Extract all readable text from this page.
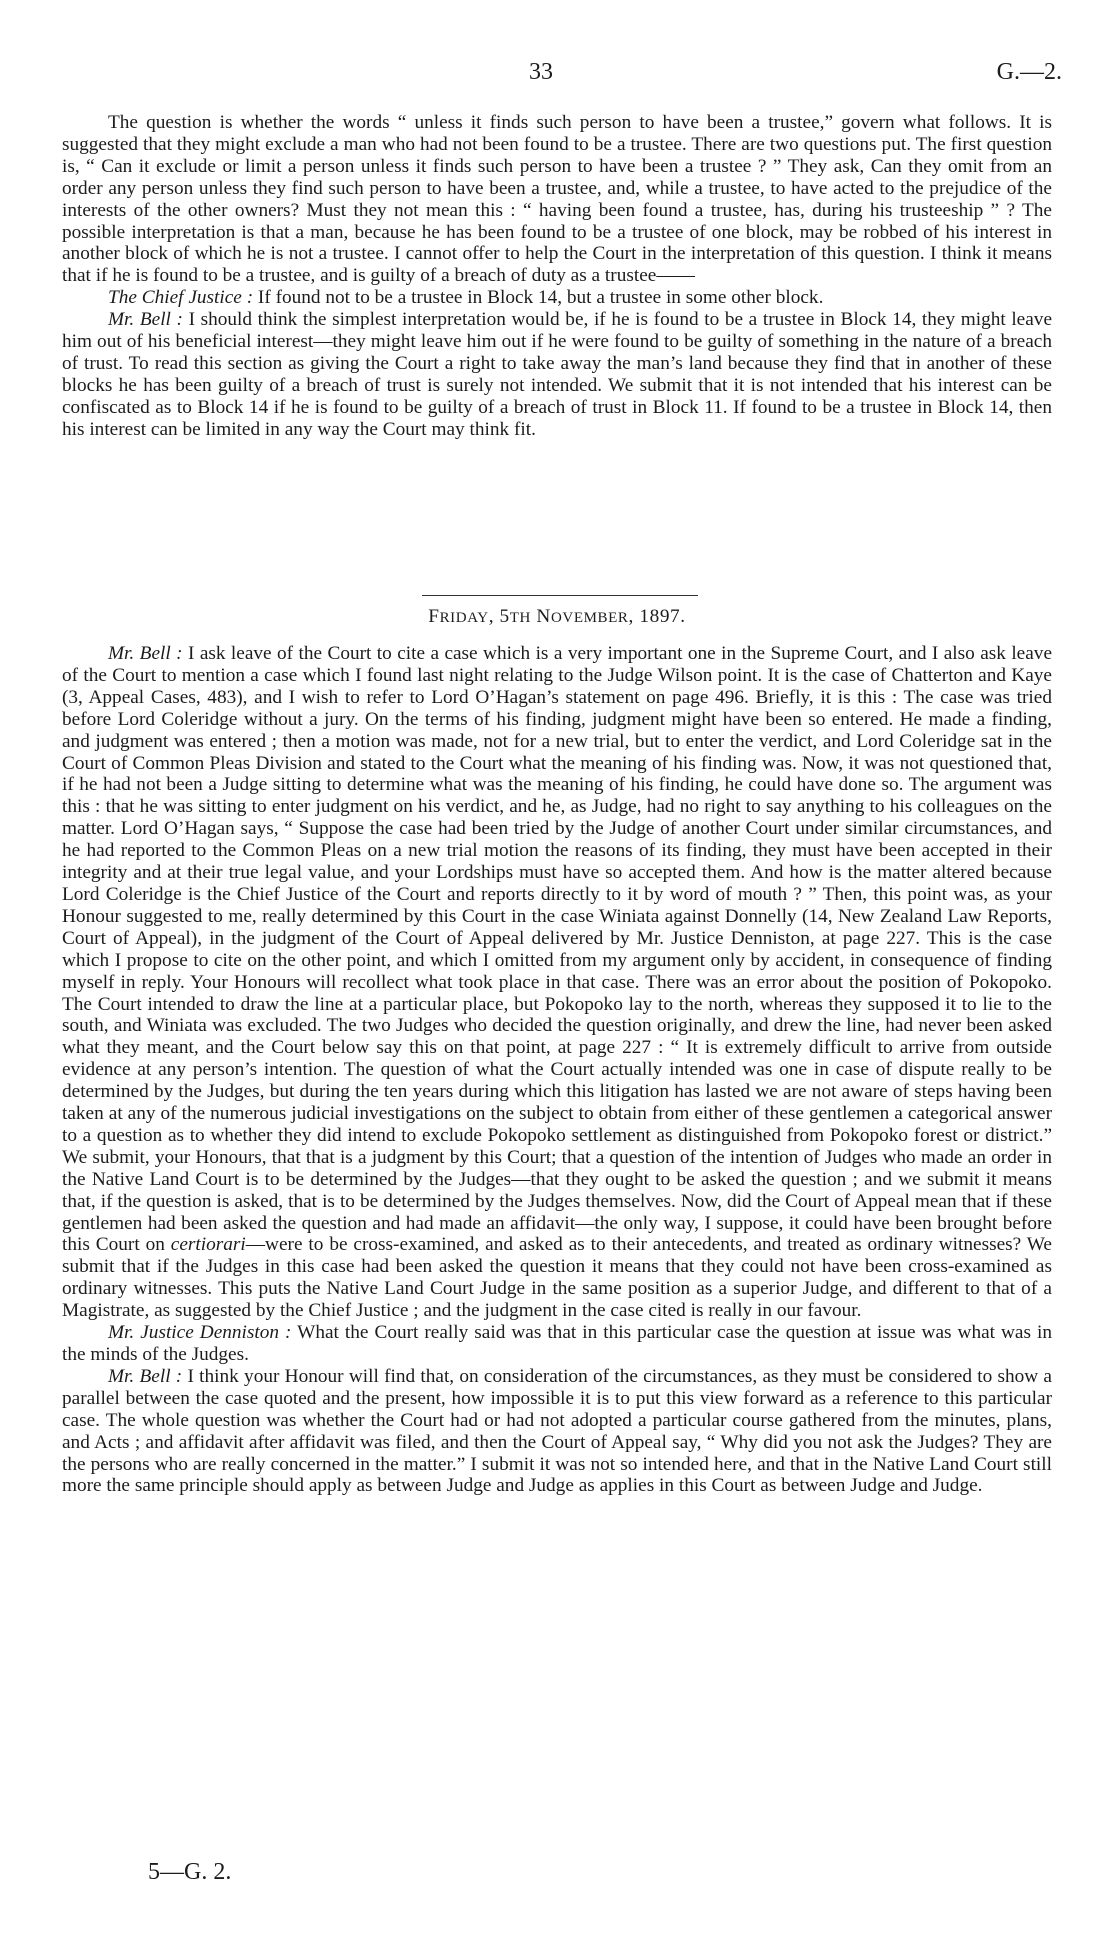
33	G.—2.

The question is whether the words “ unless it finds such person to have been a trustee,” govern what follows. It is suggested that they might exclude a man who had not been found to be a trustee. There are two questions put. The first question is, “ Can it exclude or limit a person unless it finds such person to have been a trustee ? ” They ask, Can they omit from an order any person unless they find such person to have been a trustee, and, while a trustee, to have acted to the prejudice of the interests of the other owners? Must they not mean this : “ having been found a trustee, has, during his trusteeship ” ? The possible interpretation is that a man, because he has been found to be a trustee of one block, may be robbed of his interest in another block of which he is not a trustee. I cannot offer to help the Court in the interpretation of this question. I think it means that if he is found to be a trustee, and is guilty of a breach of duty as a trustee——

The Chief Justice : If found not to be a trustee in Block 14, but a trustee in some other block.

Mr. Bell : I should think the simplest interpretation would be, if he is found to be a trustee in Block 14, they might leave him out of his beneficial interest—they might leave him out if he were found to be guilty of something in the nature of a breach of trust. To read this section as giving the Court a right to take away the man’s land because they find that in another of these blocks he has been guilty of a breach of trust is surely not intended. We submit that it is not intended that his interest can be confiscated as to Block 14 if he is found to be guilty of a breach of trust in Block 11. If found to be a trustee in Block 14, then his interest can be limited in any way the Court may think fit.

FRIDAY, 5TH NOVEMBER, 1897.

Mr. Bell : I ask leave of the Court to cite a case which is a very important one in the Supreme Court, and I also ask leave of the Court to mention a case which I found last night relating to the Judge Wilson point. It is the case of Chatterton and Kaye (3, Appeal Cases, 483), and I wish to refer to Lord O’Hagan’s statement on page 496. Briefly, it is this : The case was tried before Lord Coleridge without a jury. On the terms of his finding, judgment might have been so entered. He made a finding, and judgment was entered ; then a motion was made, not for a new trial, but to enter the verdict, and Lord Coleridge sat in the Court of Common Pleas Division and stated to the Court what the meaning of his finding was. Now, it was not questioned that, if he had not been a Judge sitting to determine what was the meaning of his finding, he could have done so. The argument was this : that he was sitting to enter judgment on his verdict, and he, as Judge, had no right to say anything to his colleagues on the matter. Lord O’Hagan says, “ Suppose the case had been tried by the Judge of another Court under similar circumstances, and he had reported to the Common Pleas on a new trial motion the reasons of its finding, they must have been accepted in their integrity and at their true legal value, and your Lordships must have so accepted them. And how is the matter altered because Lord Coleridge is the Chief Justice of the Court and reports directly to it by word of mouth ? ” Then, this point was, as your Honour suggested to me, really determined by this Court in the case Winiata against Donnelly (14, New Zealand Law Reports, Court of Appeal), in the judgment of the Court of Appeal delivered by Mr. Justice Denniston, at page 227. This is the case which I propose to cite on the other point, and which I omitted from my argument only by accident, in consequence of finding myself in reply. Your Honours will recollect what took place in that case. There was an error about the position of Pokopoko. The Court intended to draw the line at a particular place, but Pokopoko lay to the north, whereas they supposed it to lie to the south, and Winiata was excluded. The two Judges who decided the question originally, and drew the line, had never been asked what they meant, and the Court below say this on that point, at page 227 : “ It is extremely difficult to arrive from outside evidence at any person’s intention. The question of what the Court actually intended was one in case of dispute really to be determined by the Judges, but during the ten years during which this litigation has lasted we are not aware of steps having been taken at any of the numerous judicial investigations on the subject to obtain from either of these gentlemen a categorical answer to a question as to whether they did intend to exclude Pokopoko settlement as distinguished from Pokopoko forest or district.” We submit, your Honours, that that is a judgment by this Court; that a question of the intention of Judges who made an order in the Native Land Court is to be determined by the Judges—that they ought to be asked the question ; and we submit it means that, if the question is asked, that is to be determined by the Judges themselves. Now, did the Court of Appeal mean that if these gentlemen had been asked the question and had made an affidavit—the only way, I suppose, it could have been brought before this Court on certiorari—were to be cross-examined, and asked as to their antecedents, and treated as ordinary witnesses? We submit that if the Judges in this case had been asked the question it means that they could not have been cross-examined as ordinary witnesses. This puts the Native Land Court Judge in the same position as a superior Judge, and different to that of a Magistrate, as suggested by the Chief Justice ; and the judgment in the case cited is really in our favour.

Mr. Justice Denniston : What the Court really said was that in this particular case the question at issue was what was in the minds of the Judges.

Mr. Bell : I think your Honour will find that, on consideration of the circumstances, as they must be considered to show a parallel between the case quoted and the present, how impossible it is to put this view forward as a reference to this particular case. The whole question was whether the Court had or had not adopted a particular course gathered from the minutes, plans, and Acts ; and affidavit after affidavit was filed, and then the Court of Appeal say, “ Why did you not ask the Judges? They are the persons who are really concerned in the matter.” I submit it was not so intended here, and that in the Native Land Court still more the same principle should apply as between Judge and Judge as applies in this Court as between Judge and Judge.

5—G. 2.
